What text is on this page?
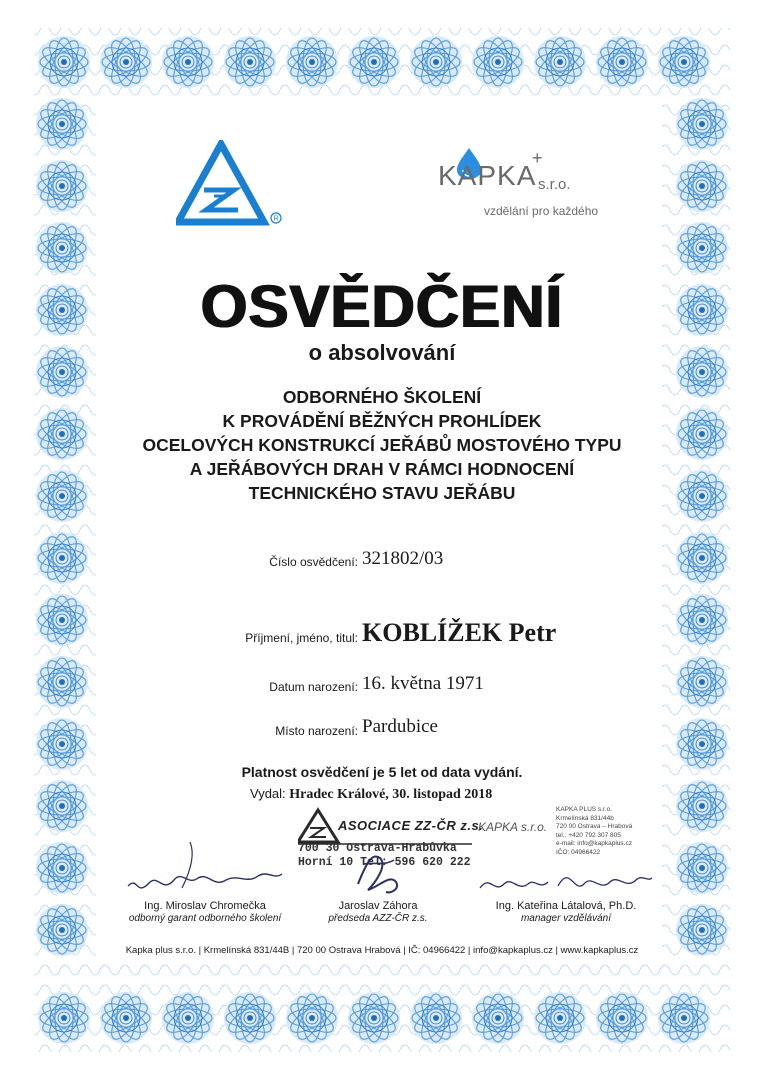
R
KAPKA
+
s.r.o.
vzdělání pro každého
OSVĚDČENÍ
o absolvování
ODBORNÉHO ŠKOLENÍ
K PROVÁDĚNÍ BĚŽNÝCH PROHLÍDEK
OCELOVÝCH KONSTRUKCÍ JEŘÁBŮ MOSTOVÉHO TYPU
A JEŘÁBOVÝCH DRAH V RÁMCI HODNOCENÍ
TECHNICKÉHO STAVU JEŘÁBU
Číslo osvědčení: 321802/03
Příjmení, jméno, titul: KOBLÍŽEK Petr
Datum narození: 16. května 1971
Místo narození: Pardubice
Platnost osvědčení je 5 let od data vydání.
Vydal: Hradec Králové, 30. listopad 2018
ASOCIACE ZZ-ČR z.s.
700 30 Ostrava-Hrabůvka
Horní 10 Tel: 596 620 222
KAPKA s.r.o.
KAPKA PLUS s.r.o.
Krmelínská 831/44b
720 00 Ostrava – Hrabová
tel.: +420 792 307 805
e-mail: info@kapkaplus.cz
IČO: 04966422
Ing. Miroslav Chromečka
odborný garant odborného školení
Jaroslav Záhora
předseda AZZ-ČR z.s.
Ing. Kateřina Látalová, Ph.D.
manager vzdělávání
Kapka plus s.r.o. | Krmelínská 831/44B | 720 00 Ostrava Hrabová | IČ: 04966422 | info@kapkaplus.cz | www.kapkaplus.cz
